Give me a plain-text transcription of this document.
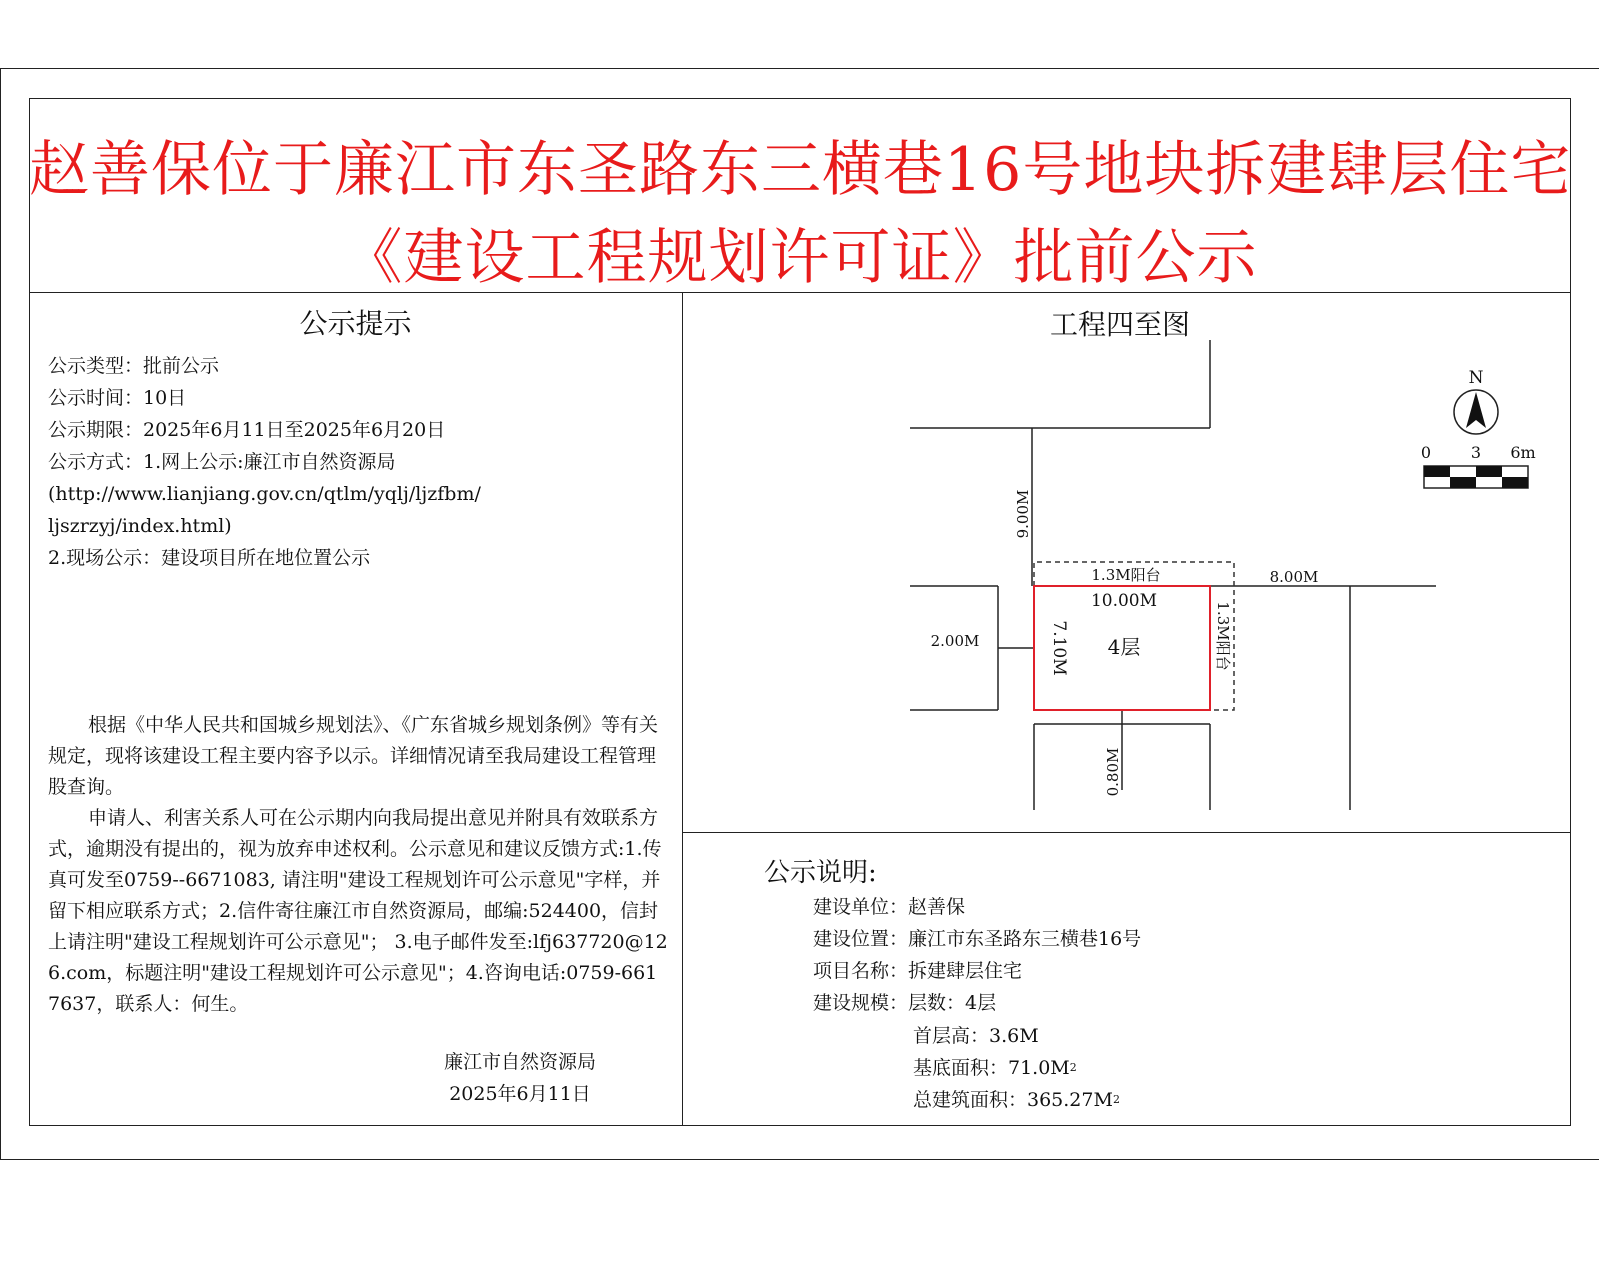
赵善保位于廉江市东圣路东三横巷16号地块拆建肆层住宅
《建设工程规划许可证》批前公示
公示提示
公示类型：批前公示
公示时间：10日
公示期限：2025年6月11日至2025年6月20日
公示方式：1.网上公示:廉江市自然资源局
(http://www.lianjiang.gov.cn/qtlm/yqlj/ljzfbm/
ljszrzyj/index.html)
2.现场公示：建设项目所在地位置公示
根据《中华人民共和国城乡规划法》、《广东省城乡规划条例》等有关规定，现将该建设工程主要内容予以示。详细情况请至我局建设工程管理股查询。
申请人、利害关系人可在公示期内向我局提出意见并附具有效联系方式，逾期没有提出的，视为放弃申述权利。公示意见和建议反馈方式:1.传真可发至0759--6671083, 请注明"建设工程规划许可公示意见"字样，并留下相应联系方式；2.信件寄往廉江市自然资源局，邮编:524400，信封上请注明"建设工程规划许可公示意见"； 3.电子邮件发至:lfj637720@126.com，标题注明"建设工程规划许可公示意见"；4.咨询电话:0759-6617637，联系人：何生。
廉江市自然资源局
2025年6月11日
工程四至图
N
0 3 6m
9.00M
1.3M阳台
10.00M
8.00M
2.00M	7.10M 4层	1.3M阳台
0.80M
公示说明:
建设单位：赵善保
建设位置：廉江市东圣路东三横巷16号
项目名称：拆建肆层住宅
建设规模：层数：4层
首层高：3.6M
基底面积：$71.0M^2$
总建筑面积：$365.27M^2$
